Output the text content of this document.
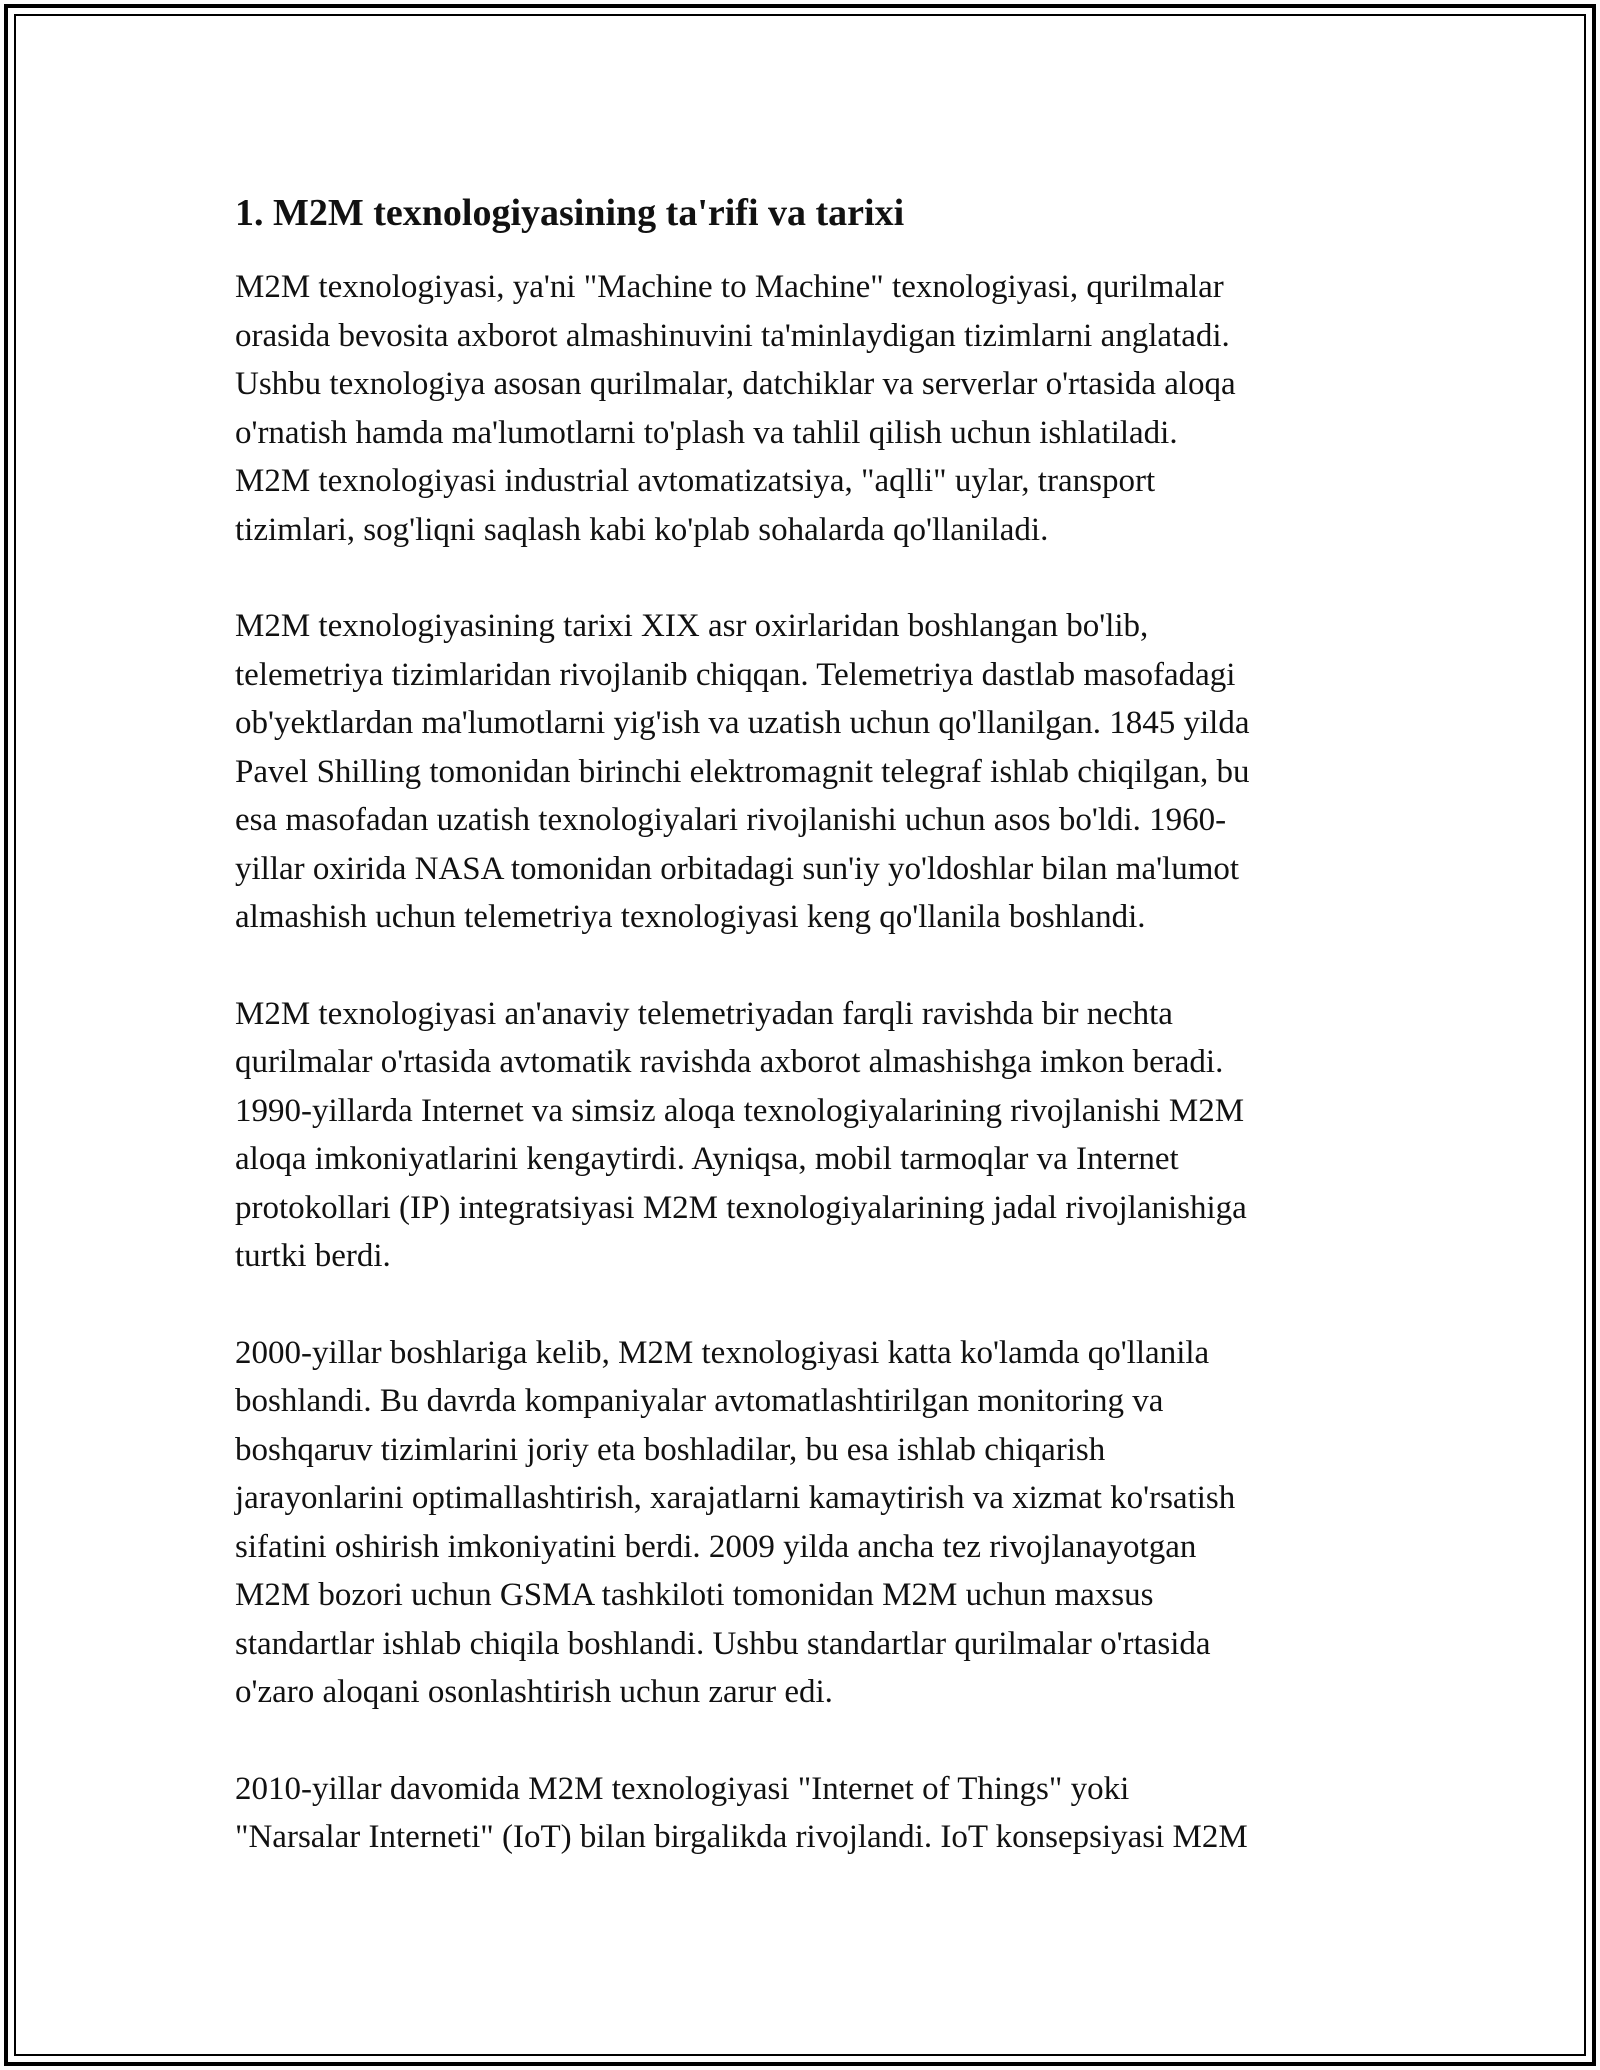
1. M2M texnologiyasining ta'rifi va tarixi

M2M texnologiyasi, ya'ni "Machine to Machine" texnologiyasi, qurilmalar
orasida bevosita axborot almashinuvini ta'minlaydigan tizimlarni anglatadi.
Ushbu texnologiya asosan qurilmalar, datchiklar va serverlar o'rtasida aloqa
o'rnatish hamda ma'lumotlarni to'plash va tahlil qilish uchun ishlatiladi.
M2M texnologiyasi industrial avtomatizatsiya, "aqlli" uylar, transport
tizimlari, sog'liqni saqlash kabi ko'plab sohalarda qo'llaniladi.

M2M texnologiyasining tarixi XIX asr oxirlaridan boshlangan bo'lib,
telemetriya tizimlaridan rivojlanib chiqqan. Telemetriya dastlab masofadagi
ob'yektlardan ma'lumotlarni yig'ish va uzatish uchun qo'llanilgan. 1845 yilda
Pavel Shilling tomonidan birinchi elektromagnit telegraf ishlab chiqilgan, bu
esa masofadan uzatish texnologiyalari rivojlanishi uchun asos bo'ldi. 1960-
yillar oxirida NASA tomonidan orbitadagi sun'iy yo'ldoshlar bilan ma'lumot
almashish uchun telemetriya texnologiyasi keng qo'llanila boshlandi.

M2M texnologiyasi an'anaviy telemetriyadan farqli ravishda bir nechta
qurilmalar o'rtasida avtomatik ravishda axborot almashishga imkon beradi.
1990-yillarda Internet va simsiz aloqa texnologiyalarining rivojlanishi M2M
aloqa imkoniyatlarini kengaytirdi. Ayniqsa, mobil tarmoqlar va Internet
protokollari (IP) integratsiyasi M2M texnologiyalarining jadal rivojlanishiga
turtki berdi.

2000-yillar boshlariga kelib, M2M texnologiyasi katta ko'lamda qo'llanila
boshlandi. Bu davrda kompaniyalar avtomatlashtirilgan monitoring va
boshqaruv tizimlarini joriy eta boshladilar, bu esa ishlab chiqarish
jarayonlarini optimallashtirish, xarajatlarni kamaytirish va xizmat ko'rsatish
sifatini oshirish imkoniyatini berdi. 2009 yilda ancha tez rivojlanayotgan
M2M bozori uchun GSMA tashkiloti tomonidan M2M uchun maxsus
standartlar ishlab chiqila boshlandi. Ushbu standartlar qurilmalar o'rtasida
o'zaro aloqani osonlashtirish uchun zarur edi.

2010-yillar davomida M2M texnologiyasi "Internet of Things" yoki
"Narsalar Interneti" (IoT) bilan birgalikda rivojlandi. IoT konsepsiyasi M2M
